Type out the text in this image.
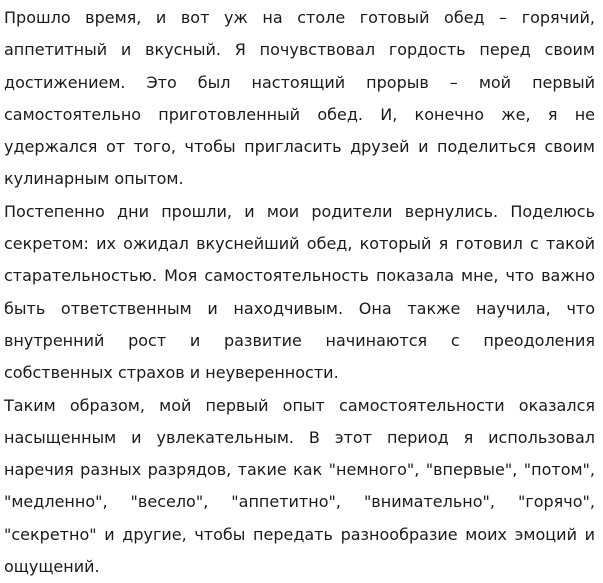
Прошло время, и вот уж на столе готовый обед – горячий, аппетитный и вкусный. Я почувствовал гордость перед своим достижением. Это был настоящий прорыв – мой первый самостоятельно приготовленный обед. И, конечно же, я не удержался от того, чтобы пригласить друзей и поделиться своим кулинарным опытом.

Постепенно дни прошли, и мои родители вернулись. Поделюсь секретом: их ожидал вкуснейший обед, который я готовил с такой старательностью. Моя самостоятельность показала мне, что важно быть ответственным и находчивым. Она также научила, что внутренний рост и развитие начинаются с преодоления собственных страхов и неуверенности.

Таким образом, мой первый опыт самостоятельности оказался насыщенным и увлекательным. В этот период я использовал наречия разных разрядов, такие как "немного", "впервые", "потом", "медленно", "весело", "аппетитно", "внимательно", "горячо", "секретно" и другие, чтобы передать разнообразие моих эмоций и ощущений.
